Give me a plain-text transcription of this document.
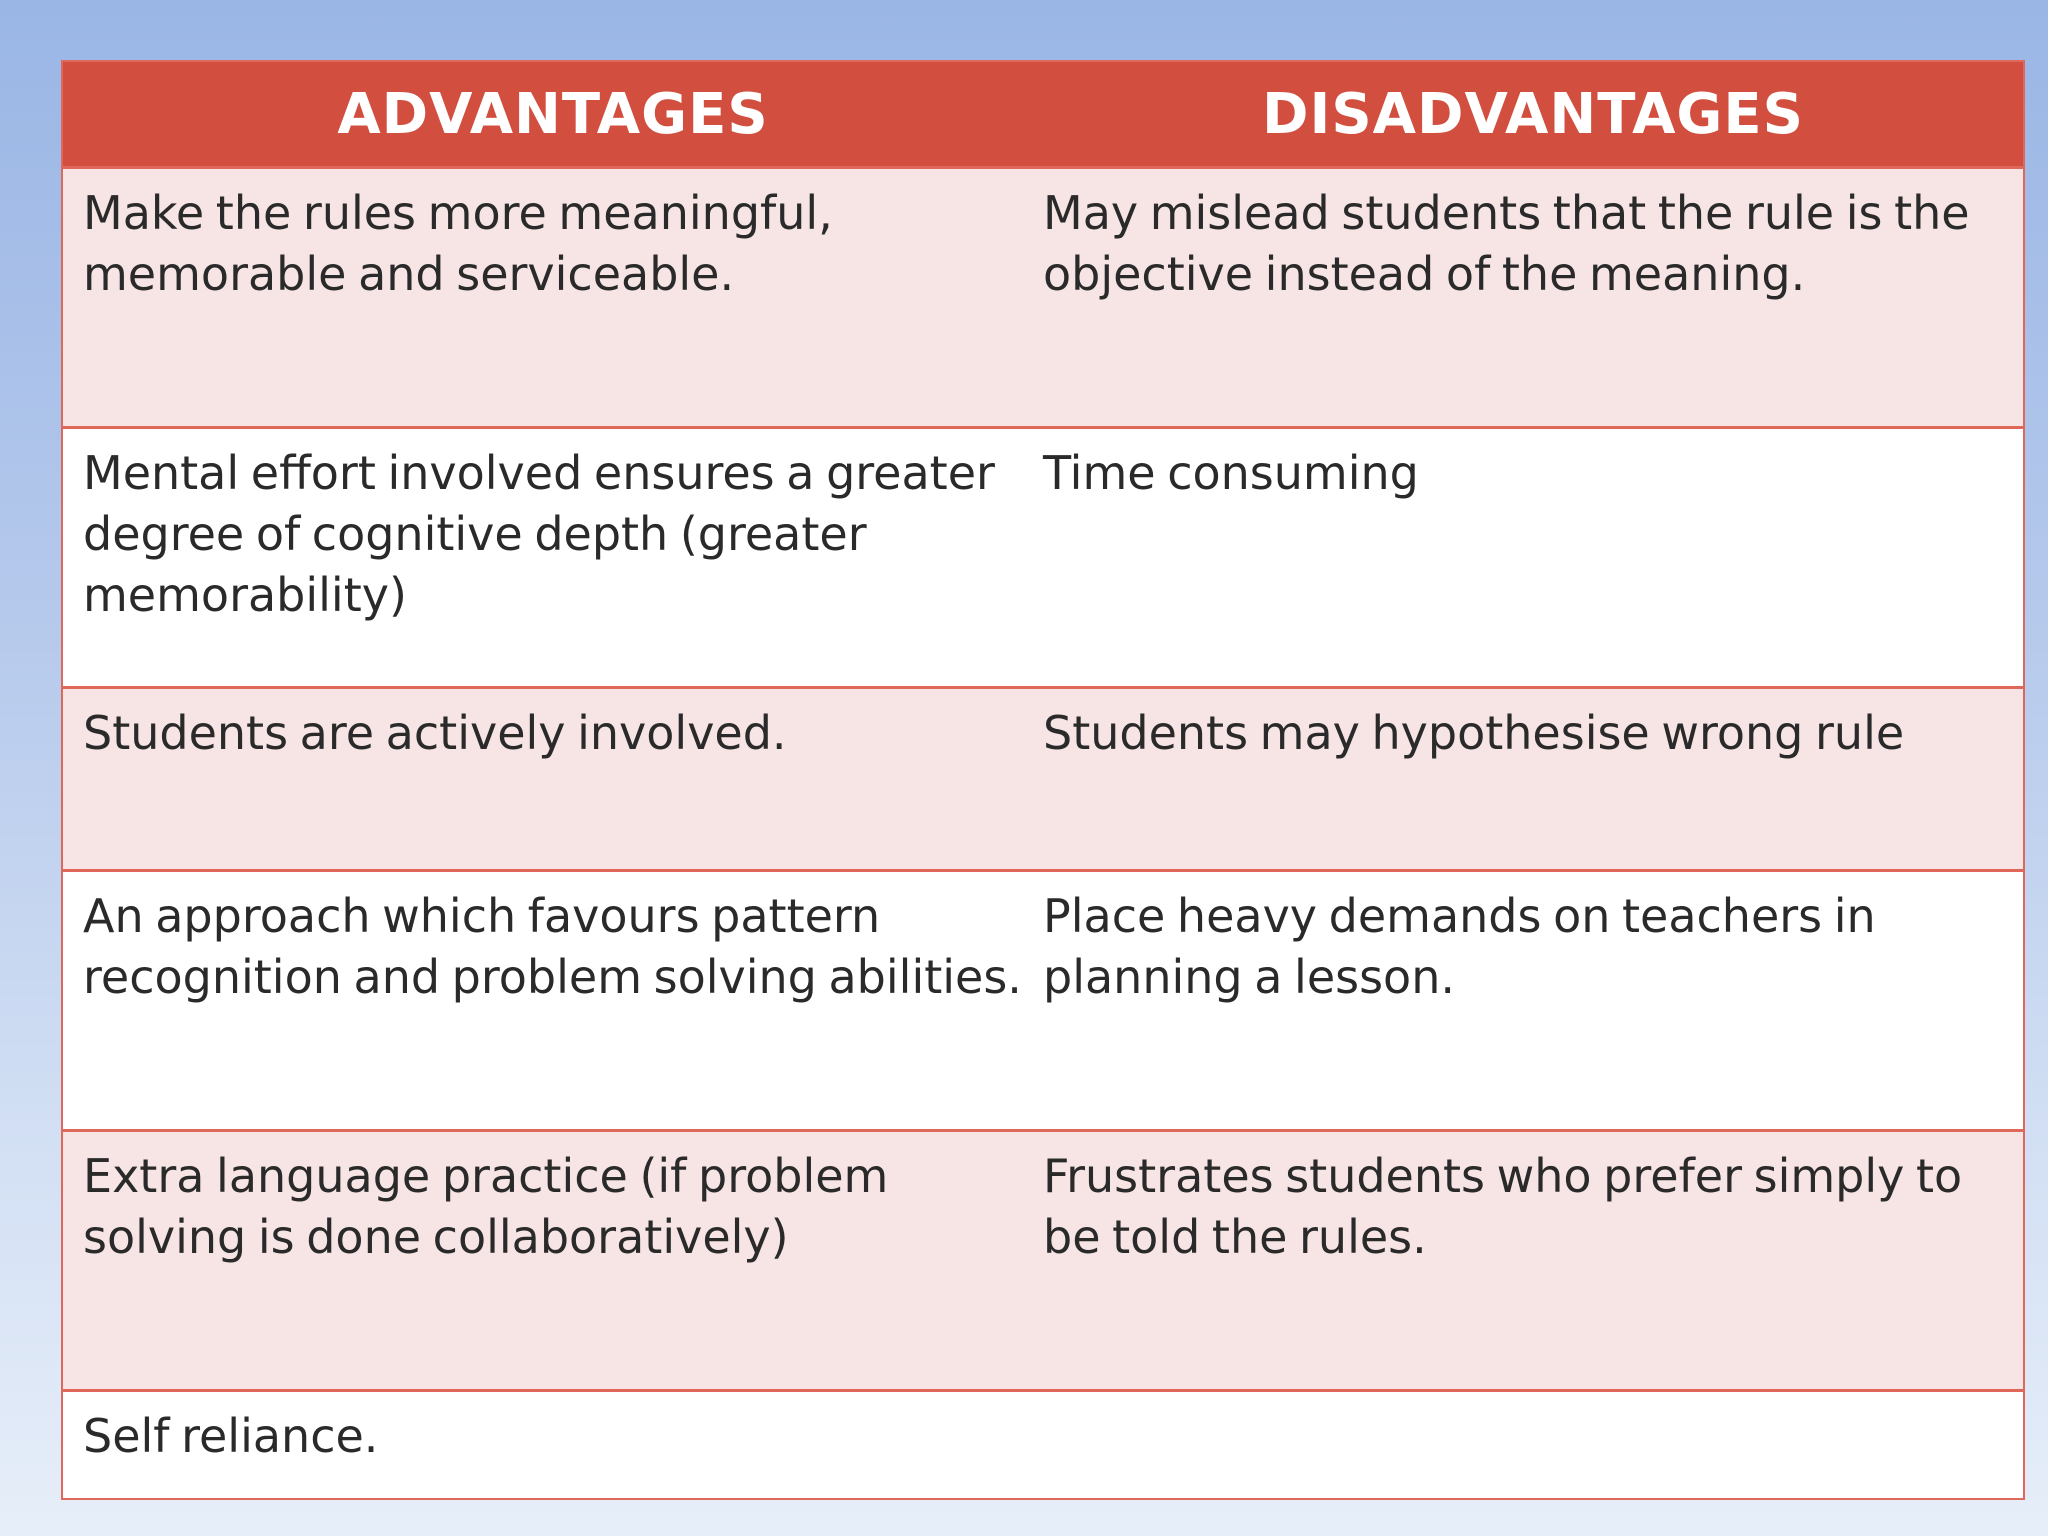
ADVANTAGES	DISADVANTAGES
Make the rules more meaningful, memorable and serviceable.	May mislead students that the rule is the objective instead of the meaning.
Mental effort involved ensures a greater degree of cognitive depth (greater memorability)	Time consuming
Students are actively involved.	Students may hypothesise wrong rule
An approach which favours pattern recognition and problem solving abilities.	Place heavy demands on teachers in planning a lesson.
Extra language practice (if problem solving is done collaboratively)	Frustrates students who prefer simply to be told the rules.
Self reliance.	
